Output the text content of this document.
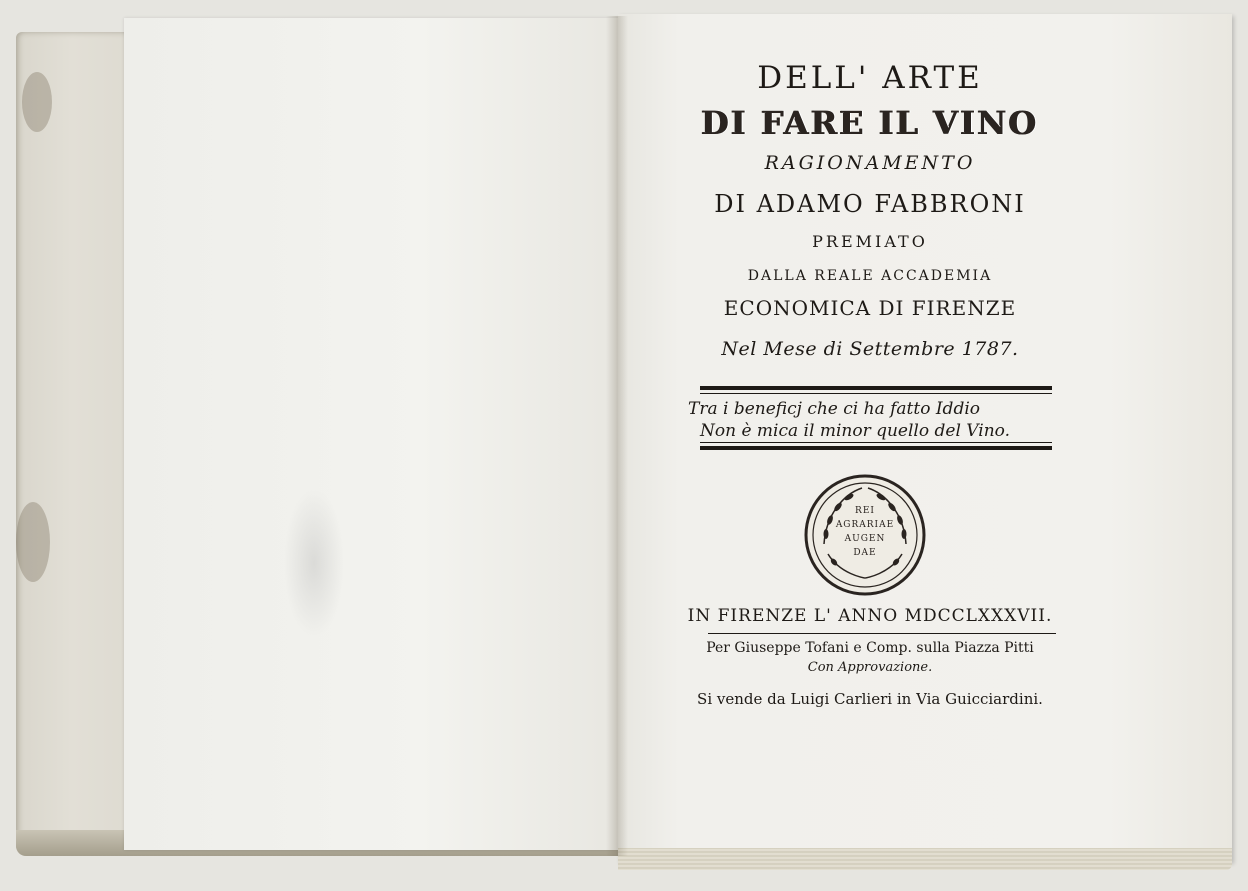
DELL' ARTE
DI FARE IL VINO
RAGIONAMENTO
DI ADAMO FABBRONI
PREMIATO
DALLA REALE ACCADEMIA
ECONOMICA DI FIRENZE
Nel Mese di Settembre 1787.
Tra i beneficj che ci ha fatto Iddio
Non è mica il minor quello del Vino.
REI
AGRARIAE
AUGEN
DAE
IN FIRENZE L' ANNO MDCCLXXXVII.
Per Giuseppe Tofani e Comp. sulla Piazza Pitti
Con Approvazione.
Si vende da Luigi Carlieri in Via Guicciardini.
